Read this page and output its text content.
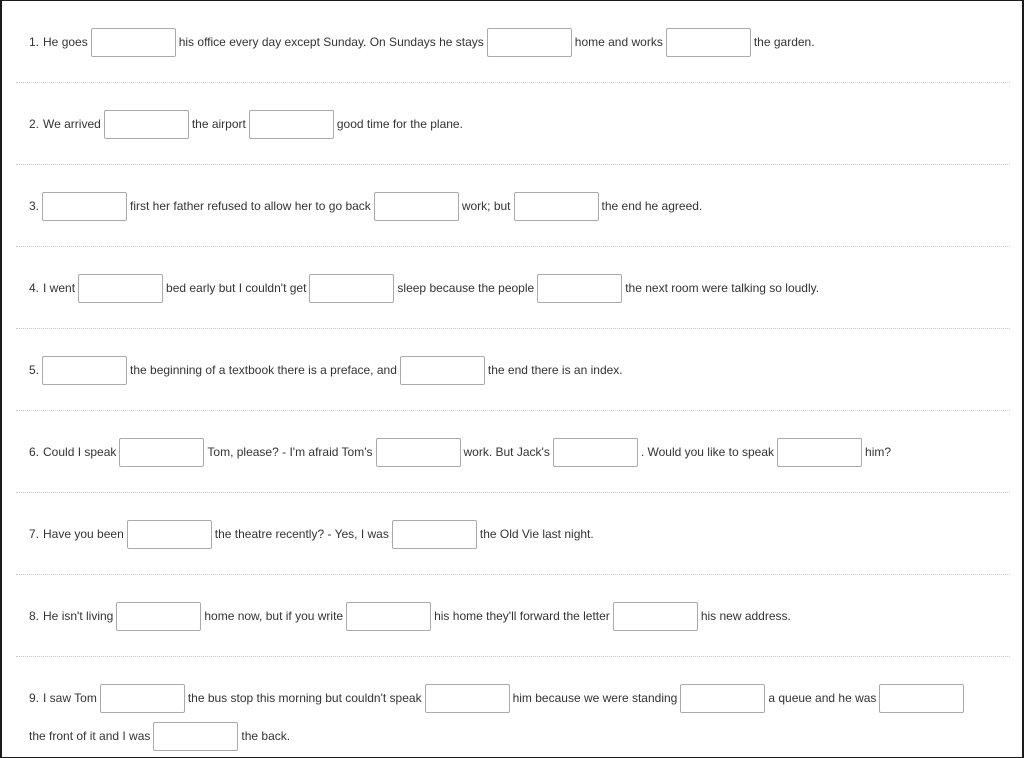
1. He goes	his office every day except Sunday. On Sundays he stays	home and works	the garden.
2. We arrived	the airport	good time for the plane.
3.	first her father refused to allow her to go back	work; but	the end he agreed.
4. I went	bed early but I couldn't get	sleep because the people	the next room were talking so loudly.
5.	the beginning of a textbook there is a preface, and	the end there is an index.
6. Could I speak	Tom, please? - I'm afraid Tom's	work. But Jack's	. Would you like to speak	him?
7. Have you been	the theatre recently? - Yes, I was	the Old Vie last night.
8. He isn't living	home now, but if you write	his home they'll forward the letter	his new address.
9. I saw Tom	the bus stop this morning but couldn't speak	him because we were standing	a queue and he was
the front of it and I was	the back.
